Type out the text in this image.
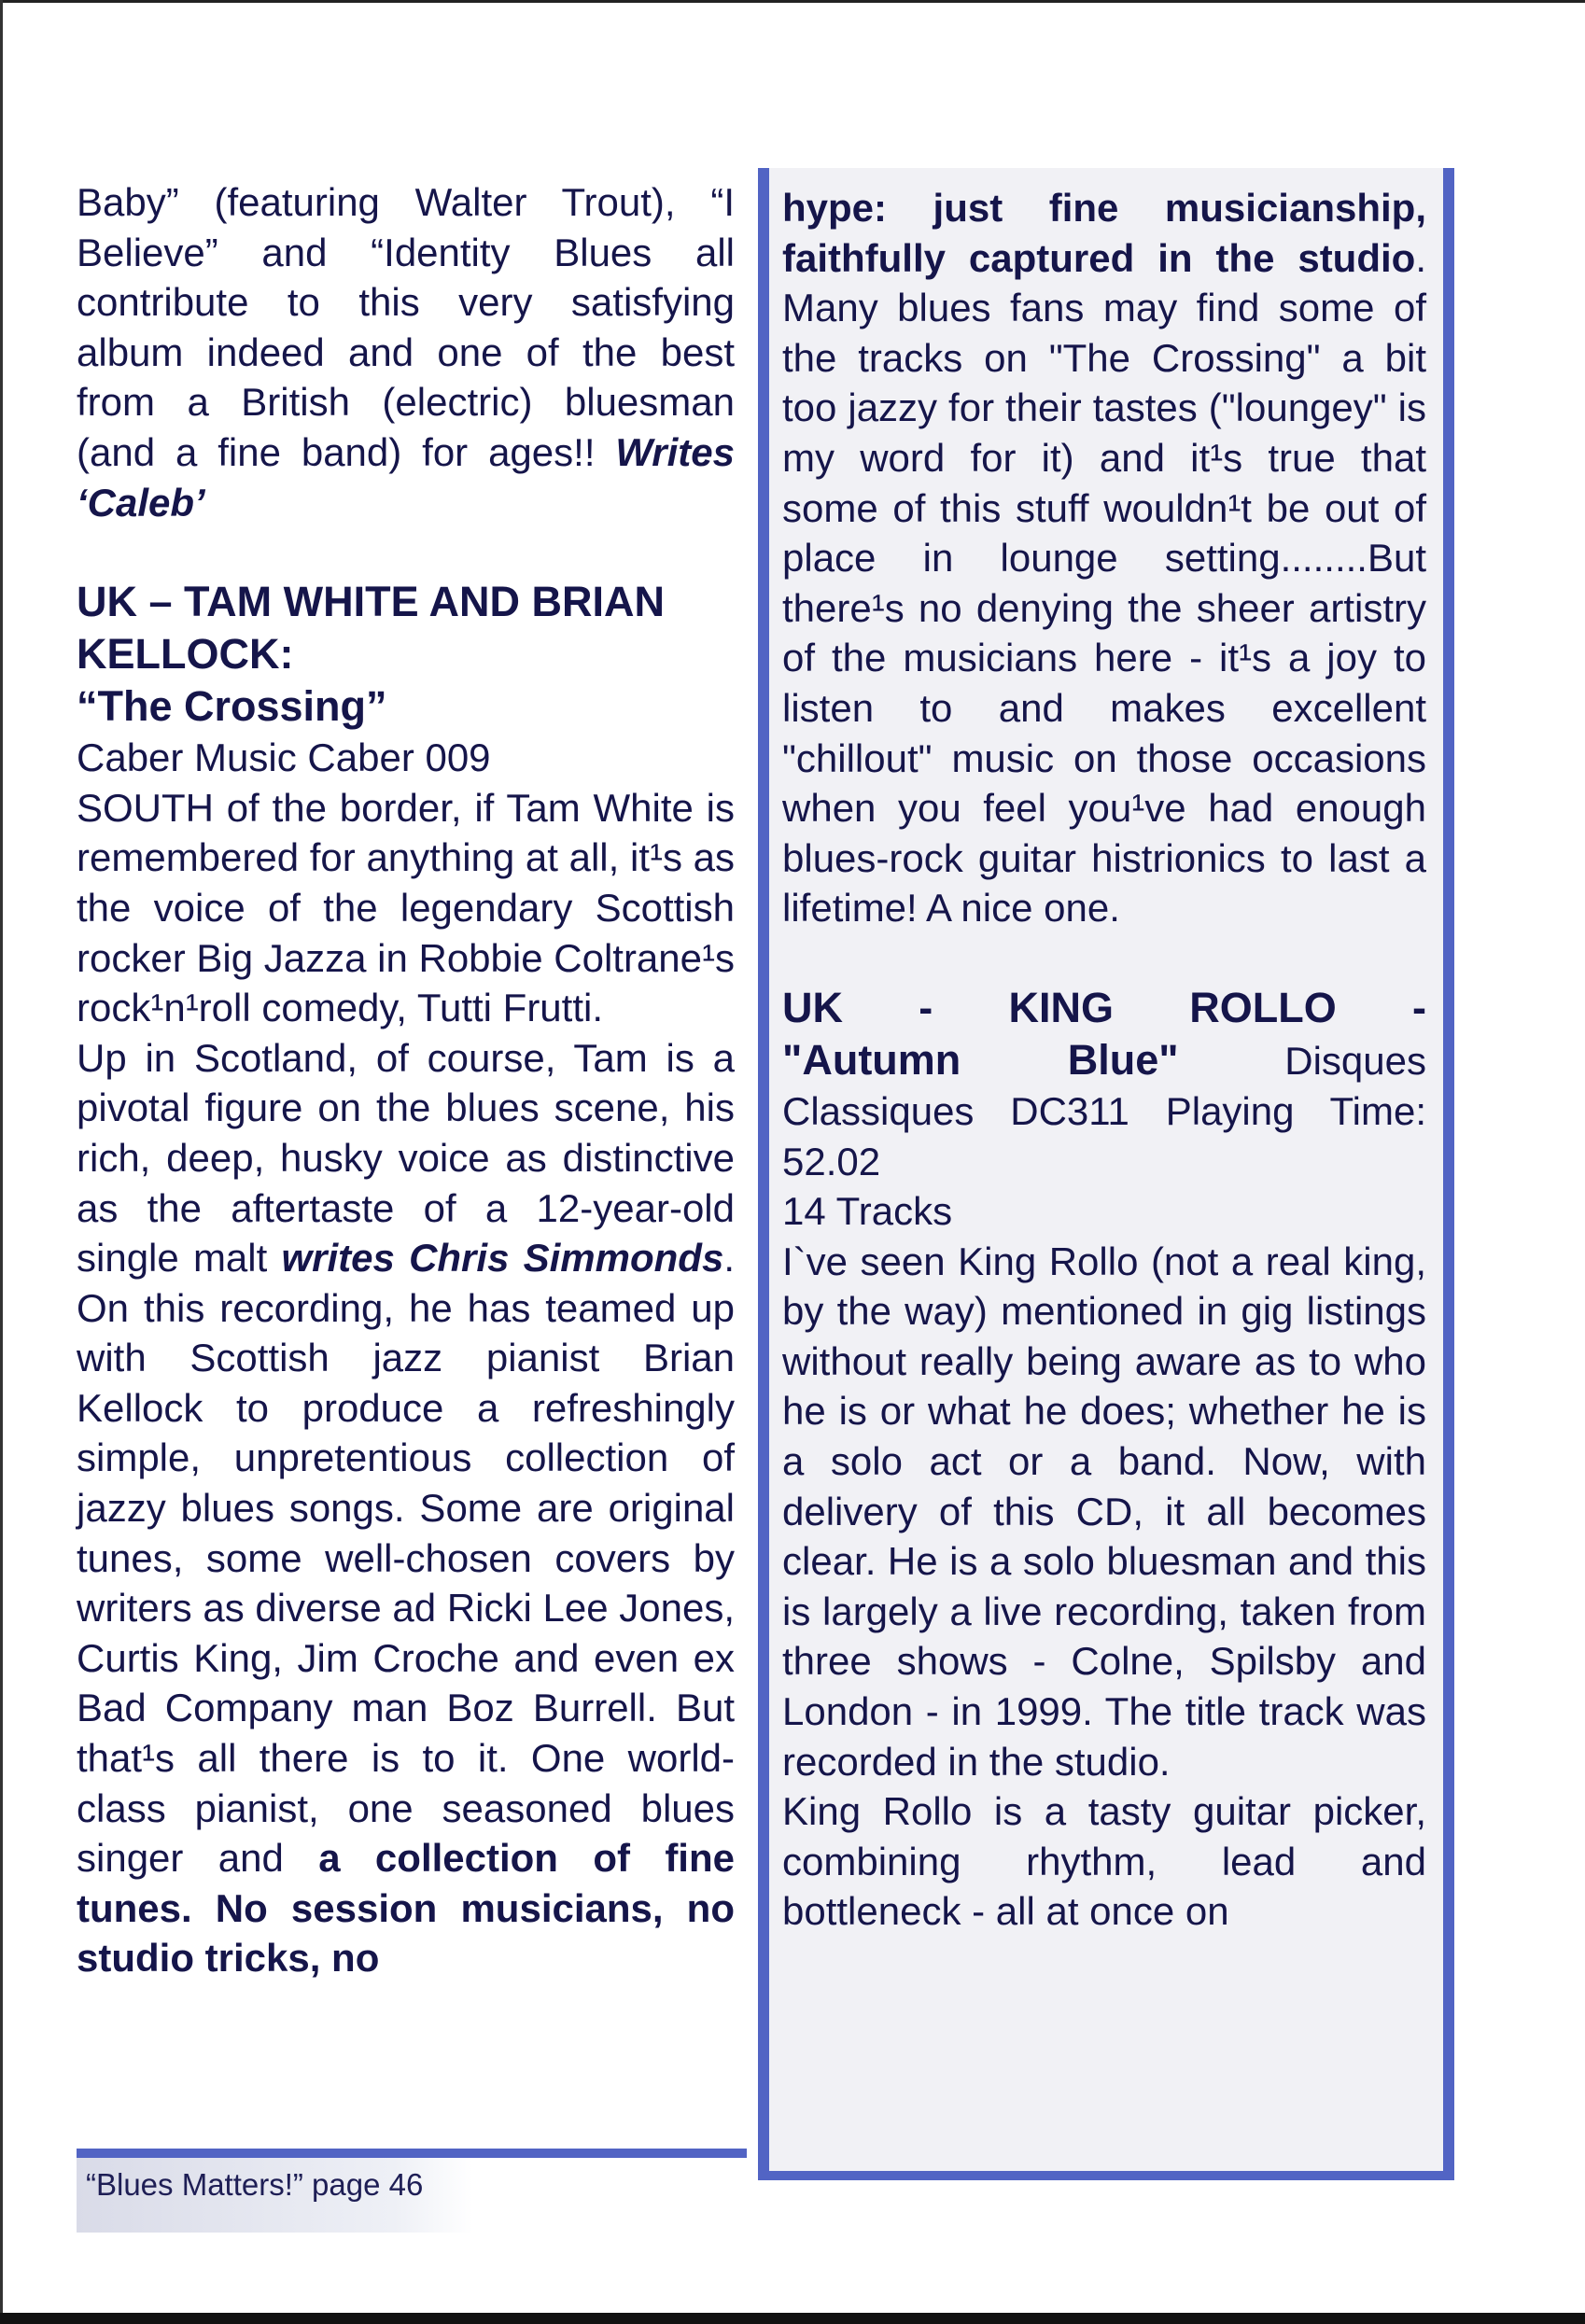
Baby” (featuring Walter Trout), “I Believe” and “Identity Blues all contribute to this very satisfying album indeed and one of the best from a British (electric) bluesman (and a fine band) for ages!! Writes ‘Caleb’

UK – TAM WHITE AND BRIAN KELLOCK:
“The Crossing”

Caber Music Caber 009

SOUTH of the border, if Tam White is remembered for anything at all, it¹s as the voice of the legendary Scottish rocker Big Jazza in Robbie Coltrane¹s rock¹n¹roll comedy, Tutti Frutti.

Up in Scotland, of course, Tam is a pivotal figure on the blues scene, his rich, deep, husky voice as distinctive as the aftertaste of a 12-year-old single malt writes Chris Simmonds. On this recording, he has teamed up with Scottish jazz pianist Brian Kellock to produce a refreshingly simple, unpretentious collection of jazzy blues songs. Some are original tunes, some well-chosen covers by writers as diverse ad Ricki Lee Jones, Curtis King, Jim Croche and even ex Bad Company man Boz Burrell. But that¹s all there is to it. One world-class pianist, one seasoned blues singer and a collection of fine tunes. No session musicians, no studio tricks, no

hype: just fine musicianship, faithfully captured in the studio. Many blues fans may find some of the tracks on "The Crossing" a bit too jazzy for their tastes ("loungey" is my word for it) and it¹s true that some of this stuff wouldn¹t be out of place in lounge setting........But there¹s no denying the sheer artistry of the musicians here - it¹s a joy to listen to and makes excellent "chillout" music on those occasions when you feel you¹ve had enough blues-rock guitar histrionics to last a lifetime! A nice one.

UK - KING ROLLO -

"Autumn Blue" Disques Classiques DC311 Playing Time: 52.02

14 Tracks

I`ve seen King Rollo (not a real king, by the way) mentioned in gig listings without really being aware as to who he is or what he does; whether he is a solo act or a band. Now, with delivery of this CD, it all becomes clear. He is a solo bluesman and this is largely a live recording, taken from three shows - Colne, Spilsby and London - in 1999. The title track was recorded in the studio.

King Rollo is a tasty guitar picker, combining rhythm, lead and bottleneck - all at once on

“Blues Matters!” page 46
